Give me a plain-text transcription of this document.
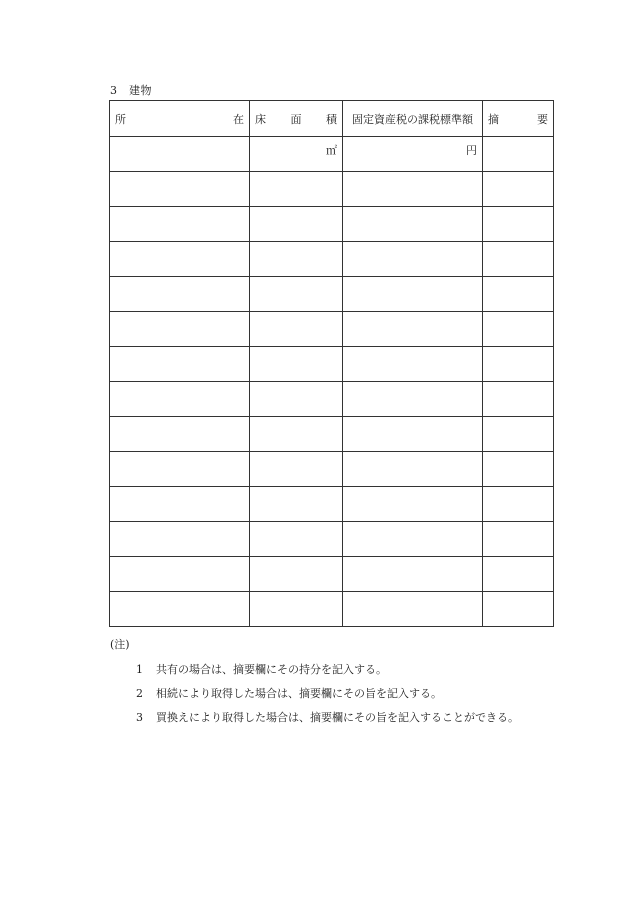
3　建物
所 在	床 面 積	固定資産税の課税標準額	摘 要

	㎡	円	

(注)
1 共有の場合は、摘要欄にその持分を記入する。
2 相続により取得した場合は、摘要欄にその旨を記入する。
3 買換えにより取得した場合は、摘要欄にその旨を記入することができる。
